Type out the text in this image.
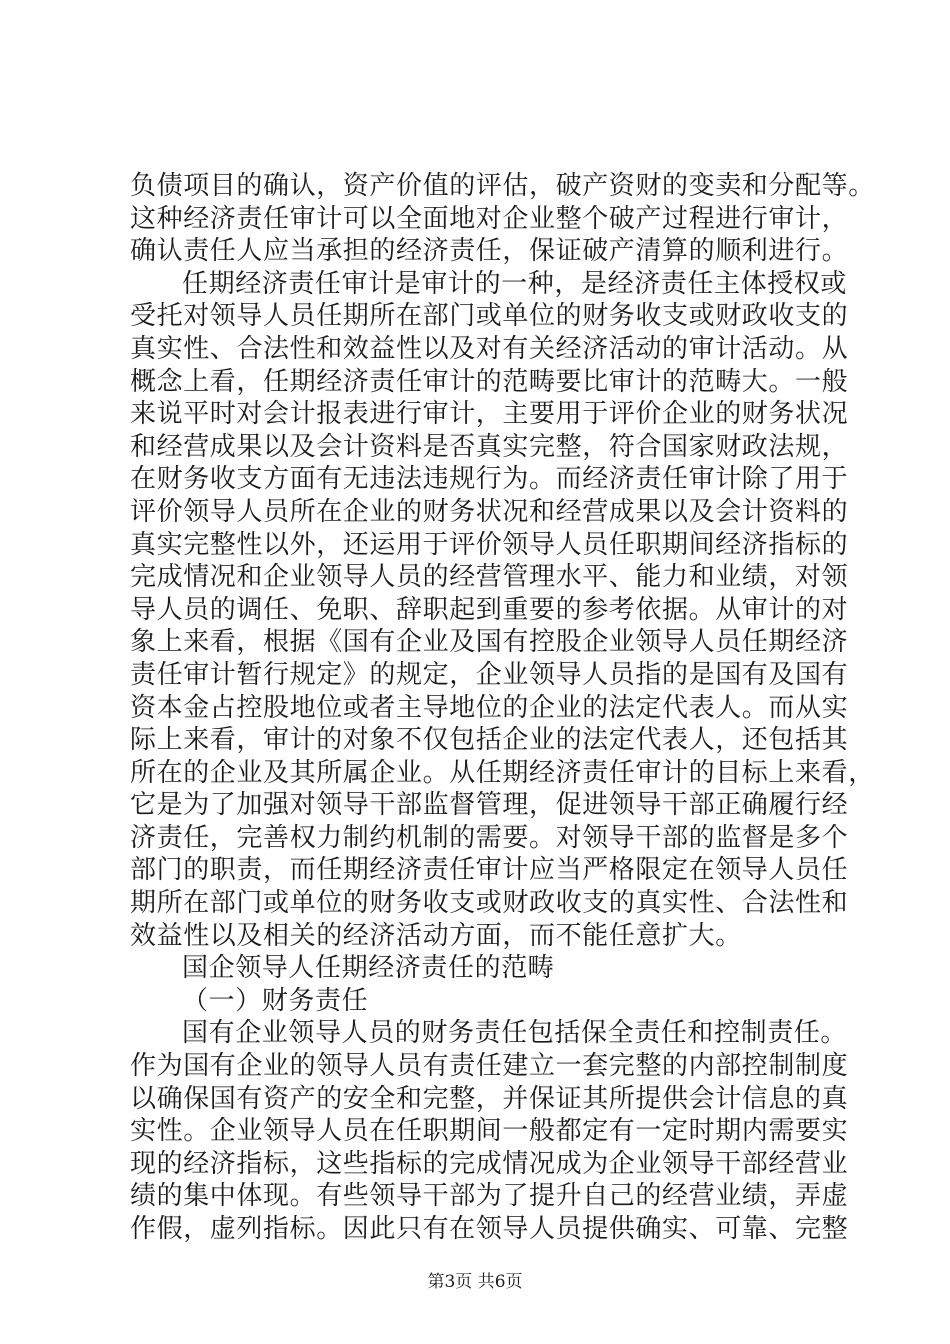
负债项目的确认，资产价值的评估，破产资财的变卖和分配等。
这种经济责任审计可以全面地对企业整个破产过程进行审计，
确认责任人应当承担的经济责任，保证破产清算的顺利进行。
任期经济责任审计是审计的一种，是经济责任主体授权或
受托对领导人员任期所在部门或单位的财务收支或财政收支的
真实性、合法性和效益性以及对有关经济活动的审计活动。从
概念上看，任期经济责任审计的范畴要比审计的范畴大。一般
来说平时对会计报表进行审计，主要用于评价企业的财务状况
和经营成果以及会计资料是否真实完整，符合国家财政法规，
在财务收支方面有无违法违规行为。而经济责任审计除了用于
评价领导人员所在企业的财务状况和经营成果以及会计资料的
真实完整性以外，还运用于评价领导人员任职期间经济指标的
完成情况和企业领导人员的经营管理水平、能力和业绩，对领
导人员的调任、免职、辞职起到重要的参考依据。从审计的对
象上来看，根据《国有企业及国有控股企业领导人员任期经济
责任审计暂行规定》的规定，企业领导人员指的是国有及国有
资本金占控股地位或者主导地位的企业的法定代表人。而从实
际上来看，审计的对象不仅包括企业的法定代表人，还包括其
所在的企业及其所属企业。从任期经济责任审计的目标上来看，
它是为了加强对领导干部监督管理，促进领导干部正确履行经
济责任，完善权力制约机制的需要。对领导干部的监督是多个
部门的职责，而任期经济责任审计应当严格限定在领导人员任
期所在部门或单位的财务收支或财政收支的真实性、合法性和
效益性以及相关的经济活动方面，而不能任意扩大。
国企领导人任期经济责任的范畴
（一）财务责任
国有企业领导人员的财务责任包括保全责任和控制责任。
作为国有企业的领导人员有责任建立一套完整的内部控制制度
以确保国有资产的安全和完整，并保证其所提供会计信息的真
实性。企业领导人员在任职期间一般都定有一定时期内需要实
现的经济指标，这些指标的完成情况成为企业领导干部经营业
绩的集中体现。有些领导干部为了提升自己的经营业绩，弄虚
作假，虚列指标。因此只有在领导人员提供确实、可靠、完整
第3页 共6页
